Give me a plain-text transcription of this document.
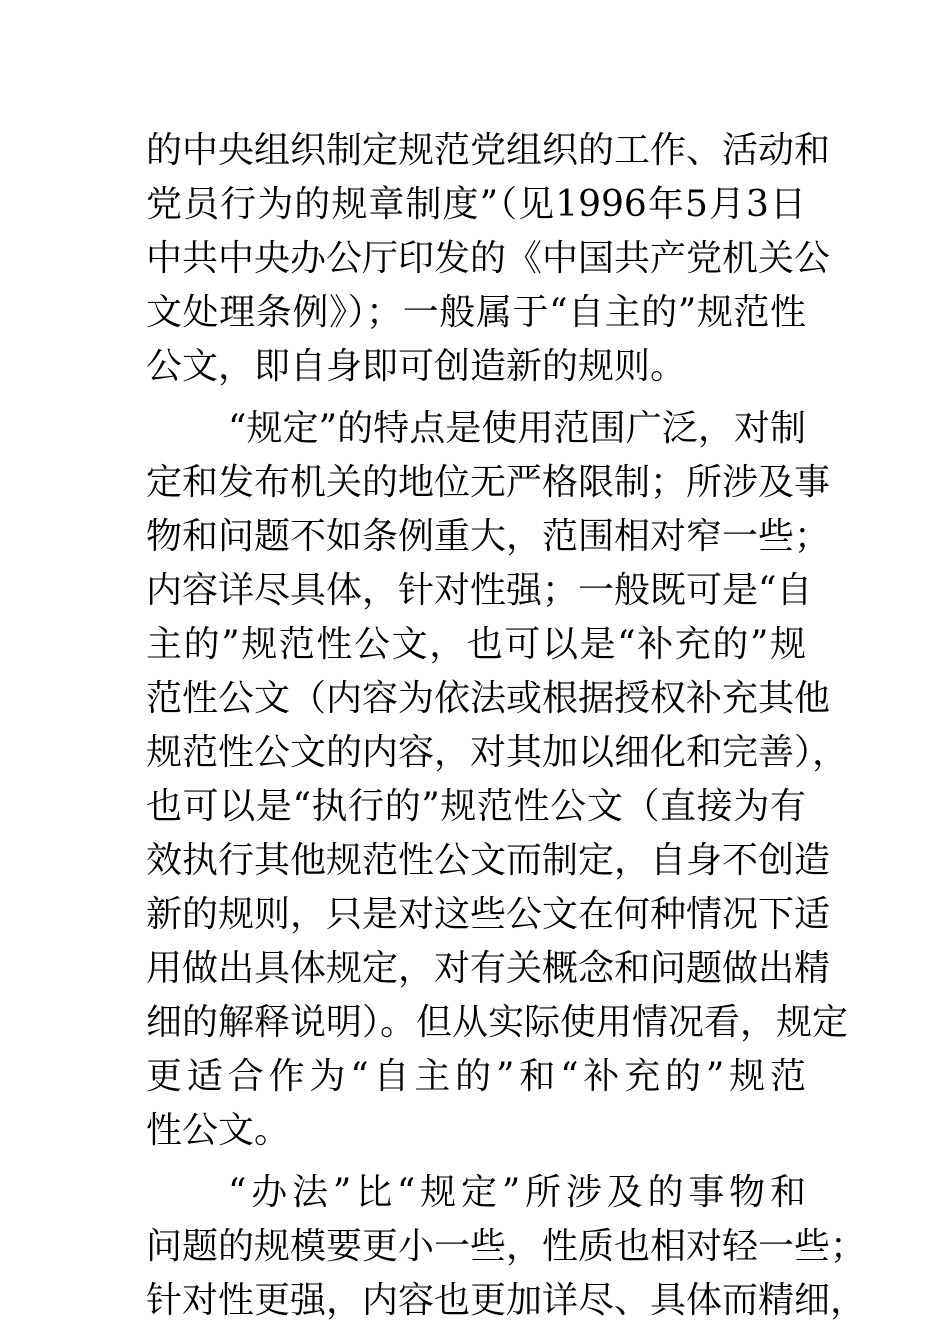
的中央组织制定规范党组织的工作、活动和
党员行为的规章制度”（见1996年5月3日
中共中央办公厅印发的《中国共产党机关公
文处理条例》）；一般属于“自主的”规范性
公文，即自身即可创造新的规则。
“规定”的特点是使用范围广泛，对制
定和发布机关的地位无严格限制；所涉及事
物和问题不如条例重大，范围相对窄一些；
内容详尽具体，针对性强；一般既可是“自
主的”规范性公文，也可以是“补充的”规
范性公文（内容为依法或根据授权补充其他
规范性公文的内容，对其加以细化和完善），
也可以是“执行的”规范性公文（直接为有
效执行其他规范性公文而制定，自身不创造
新的规则，只是对这些公文在何种情况下适
用做出具体规定，对有关概念和问题做出精
细的解释说明）。但从实际使用情况看，规定
更适合作为“自主的”和“补充的”规范
性公文。
“办法”比“规定”所涉及的事物和
问题的规模要更小一些，性质也相对轻一些；
针对性更强，内容也更加详尽、具体而精细，
